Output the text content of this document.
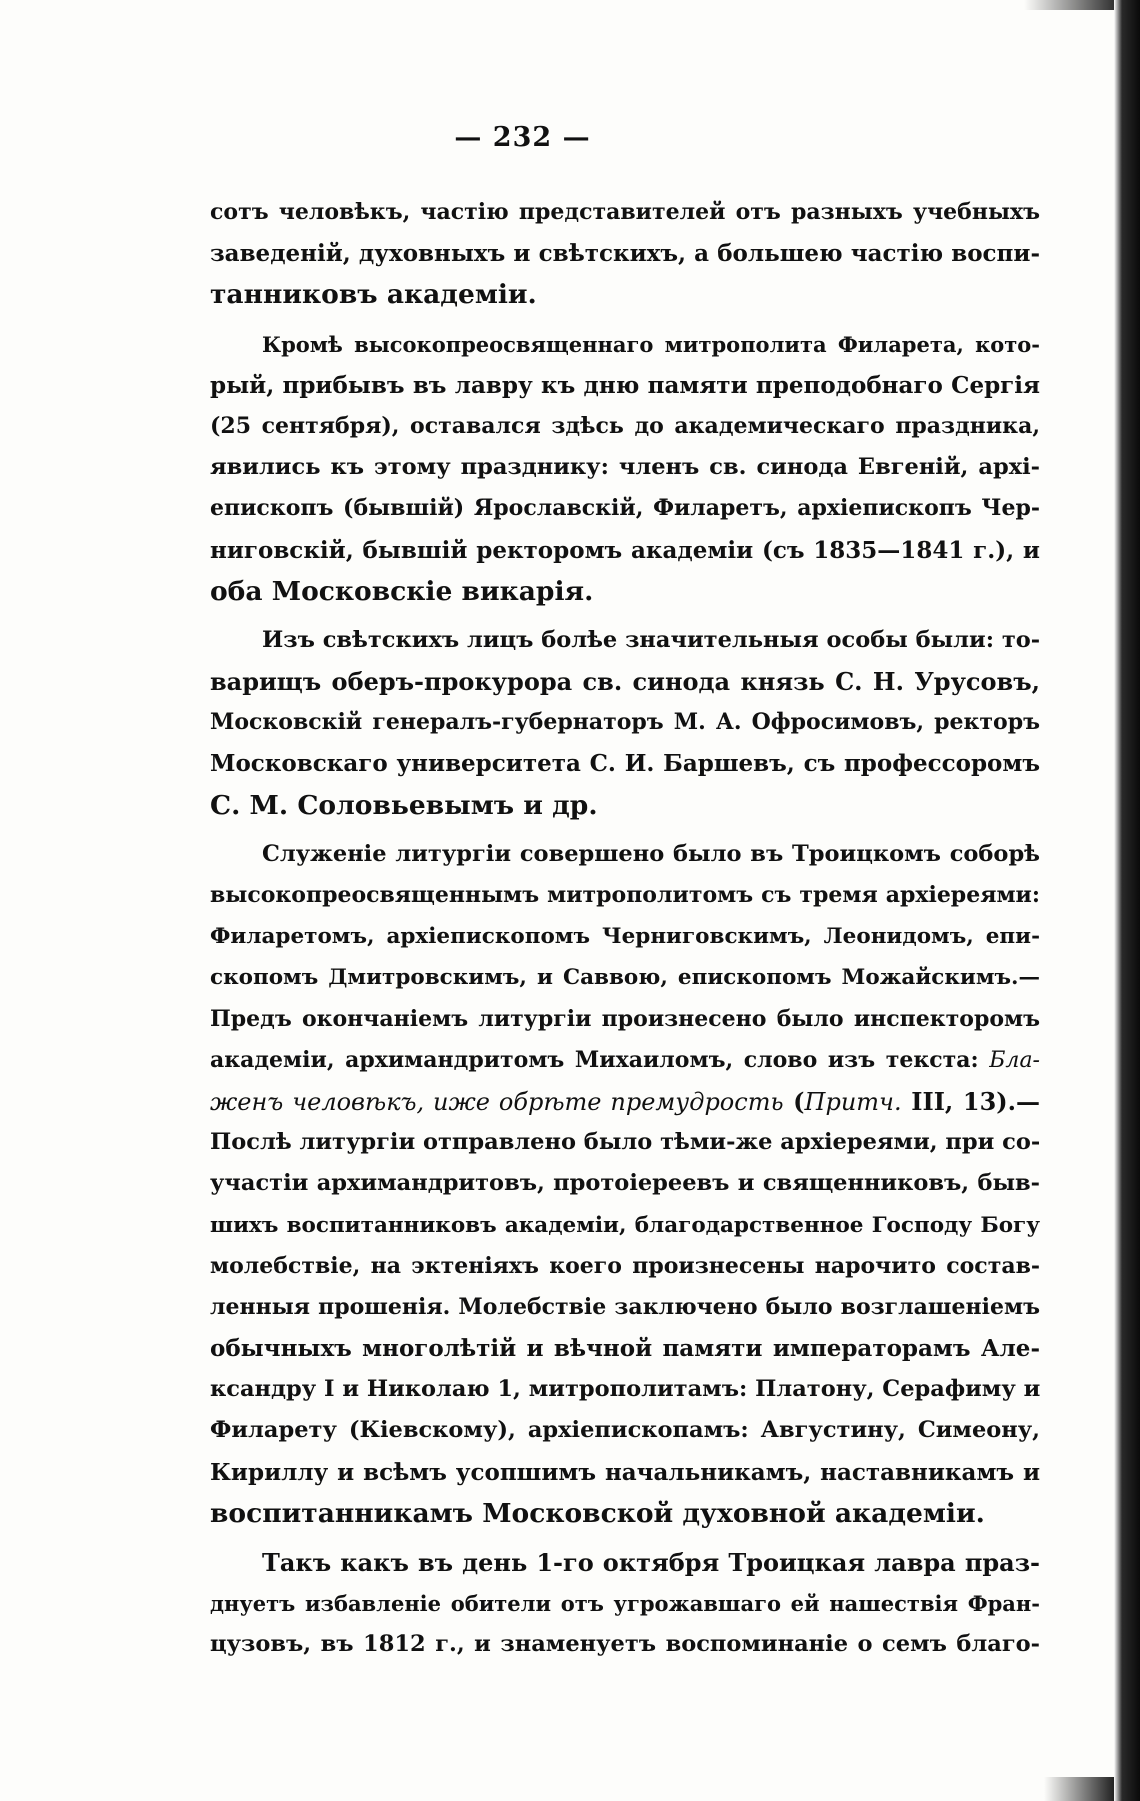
— 232 —
сотъ человѣкъ, частію представителей отъ разныхъ учебныхъ
заведеній, духовныхъ и свѣтскихъ, а большею частію воспи-
танниковъ академіи.
Кромѣ высокопреосвященнаго митрополита Филарета, кото-
рый, прибывъ въ лавру къ дню памяти преподобнаго Сергія
(25 сентября), оставался здѣсь до академическаго праздника,
явились къ этому празднику: членъ св. синода Евгеній, архі-
епископъ (бывшій) Ярославскій, Филаретъ, архіепископъ Чер-
ниговскій, бывшій ректоромъ академіи (съ 1835—1841 г.), и
оба Московскіе викарія.
Изъ свѣтскихъ лицъ болѣе значительныя особы были: то-
варищъ оберъ-прокурора св. синода князь С. Н. Урусовъ,
Московскій генералъ-губернаторъ М. А. Офросимовъ, ректоръ
Московскаго университета С. И. Баршевъ, съ профессоромъ
С. М. Соловьевымъ и др.
Служеніе литургіи совершено было въ Троицкомъ соборѣ
высокопреосвященнымъ митрополитомъ съ тремя архіереями:
Филаретомъ, архіепископомъ Черниговскимъ, Леонидомъ, епи-
скопомъ Дмитровскимъ, и Саввою, епископомъ Можайскимъ.—
Предъ окончаніемъ литургіи произнесено было инспекторомъ
академіи, архимандритомъ Михаиломъ, слово изъ текста: Бла-
женъ человѣкъ, иже обрѣте премудрость (Притч. III, 13).—
Послѣ литургіи отправлено было тѣми-же архіереями, при со-
участіи архимандритовъ, протоіереевъ и священниковъ, быв-
шихъ воспитанниковъ академіи, благодарственное Господу Богу
молебствіе, на эктеніяхъ коего произнесены нарочито состав-
ленныя прошенія. Молебствіе заключено было возглашеніемъ
обычныхъ многолѣтій и вѣчной памяти императорамъ Але-
ксандру I и Николаю 1, митрополитамъ: Платону, Серафиму и
Филарету (Кіевскому), архіепископамъ: Августину, Симеону,
Кириллу и всѣмъ усопшимъ начальникамъ, наставникамъ и
воспитанникамъ Московской духовной академіи.
Такъ какъ въ день 1-го октября Троицкая лавра праз-
днуетъ избавленіе обители отъ угрожавшаго ей нашествія Фран-
цузовъ, въ 1812 г., и знаменуетъ воспоминаніе о семъ благо-
